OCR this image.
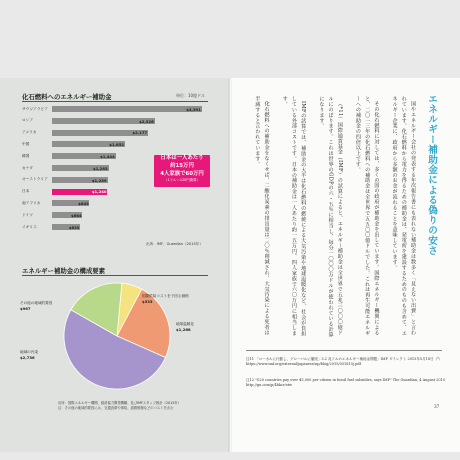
化石燃料へのエネルギー補助金	単位：10億ドル
サウジアラビア	$3,391
ロシア	$2,326
アメリカ	$2,177
中国	$1,652
韓国	$1,444
カナダ	$1,283
オーストラリア	$1,259
日本	$1,240
南アフリカ	$845
ドイツ	$684
イギリス	$635
日本は一人あたり
約15万円
4人家族で60万円
（1ドル＝120円換算）
出所：IMF、Guardian（2015年）
エネルギー補助金の構成要素
その他の地域的要因
$967
国際供給コストを下回る価格
$333
地球温暖化
$1,268
地域の汚染
$2,736
出所：国際エネルギー機関、経済協力開発機構、及びIMFスタッフ推計（2015年）
注：その他の地域的要因には、交通渋滞や事故、道路損傷などのコストを含む
エネルギー補助金による偽りの安さ

国やエネルギー会社の発表する年次報告書にも表れない補助金は数多く「見えない出費」と言われています。化石燃料から電力を得るための補助金は、発電所を建設するためのものも含めて、エネルギー企業に、政府から多額のお金が流れることを意味しています。

その化石燃料に対しては、多くの国の政府が補助金を出しています。国際エネルギー機関によると、二〇一三年の化石燃料への補助金は全世界で五五〇〇億ドルでした。これは再生可能エネルギーへの補助金の四倍以上です。

（*11）国際通貨基金（IMF）の試算によると、エネルギー補助金は全世界で五兆三〇〇〇億ドルにのぼります。これは世界のGDPの六・五％に相当し、毎分一〇〇〇万ドルが使われている計算になります。

IMFの試算では、補助金の大半は化石燃料の燃焼による大気汚染や地球温暖化など、社会が負担している外部コストです。日本の補助金は一人あたり約一五万円、四人家族で六〇万円に相当します。

化石燃料への補助金をなくせば、二酸化炭素の排出量は二〇％削減され、大気汚染による死者は半減すると言われています。

注11 「ローカルに行動し、グローバルに撤廃」3.2 兆ドルのエネルギー補助金問題」IMF ダイレクト 2015年5月18日（*）https://www.imf.org/external/japanese/np/blog/2015/051815j.pdf
注12 "G20 countries pay over $5,000 per citizen in fossil fuel subsidies, says IMF" The Guardian, 4 August 2015 http://gu.com/p/4bkcr/stw
37
